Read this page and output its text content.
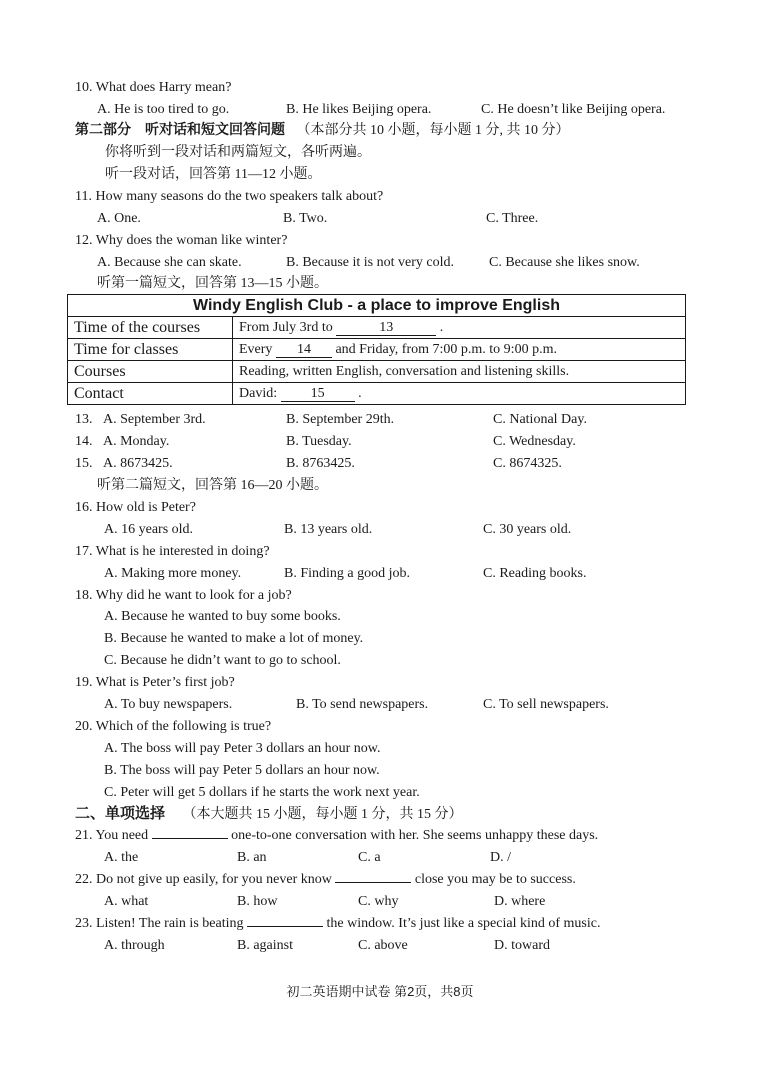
10. What does Harry mean?
A. He is too tired to go.	B. He likes Beijing opera.	C. He doesn’t like Beijing opera.
第二部分　听对话和短文回答问题 （本部分共 10 小题，每小题 1 分, 共 10 分）
你将听到一段对话和两篇短文，各听两遍。
听一段对话，回答第 11—12 小题。
11. How many seasons do the two speakers talk about?
A. One.	B. Two.	C. Three.
12. Why does the woman like winter?
A. Because she can skate.	B. Because it is not very cold.	C. Because she likes snow.
听第一篇短文，回答第 13—15 小题。
Windy English Club - a place to improve English	
Time of the courses	From July 3rd to 13 .
Time for classes	Every 14 and Friday, from 7:00 p.m. to 9:00 p.m.
Courses	Reading, written English, conversation and listening skills.
Contact	David: 15 .
13. A. September 3rd.	B. September 29th.	C. National Day.
14. A. Monday.	B. Tuesday.	C. Wednesday.
15. A. 8673425.	B. 8763425.	C. 8674325.
听第二篇短文，回答第 16—20 小题。
16. How old is Peter?
A. 16 years old.	B. 13 years old.	C. 30 years old.
17. What is he interested in doing?
A. Making more money.	B. Finding a good job.	C. Reading books.
18. Why did he want to look for a job?
A. Because he wanted to buy some books.
B. Because he wanted to make a lot of money.
C. Because he didn’t want to go to school.
19. What is Peter’s first job?
A. To buy newspapers.	B. To send newspapers.	C. To sell newspapers.
20. Which of the following is true?
A. The boss will pay Peter 3 dollars an hour now.
B. The boss will pay Peter 5 dollars an hour now.
C. Peter will get 5 dollars if he starts the work next year.
二、单项选择 （本大题共 15 小题，每小题 1 分，共 15 分）
21. You need	one-to-one conversation with her. She seems unhappy these days.
A. the	B. an	C. a	D. /
22. Do not give up easily, for you never know	close you may be to success.
A. what	B. how	C. why	D. where
23. Listen! The rain is beating	the window. It’s just like a special kind of music.
A. through	B. against	C. above	D. toward
初二英语期中试卷 第2页，共8页
